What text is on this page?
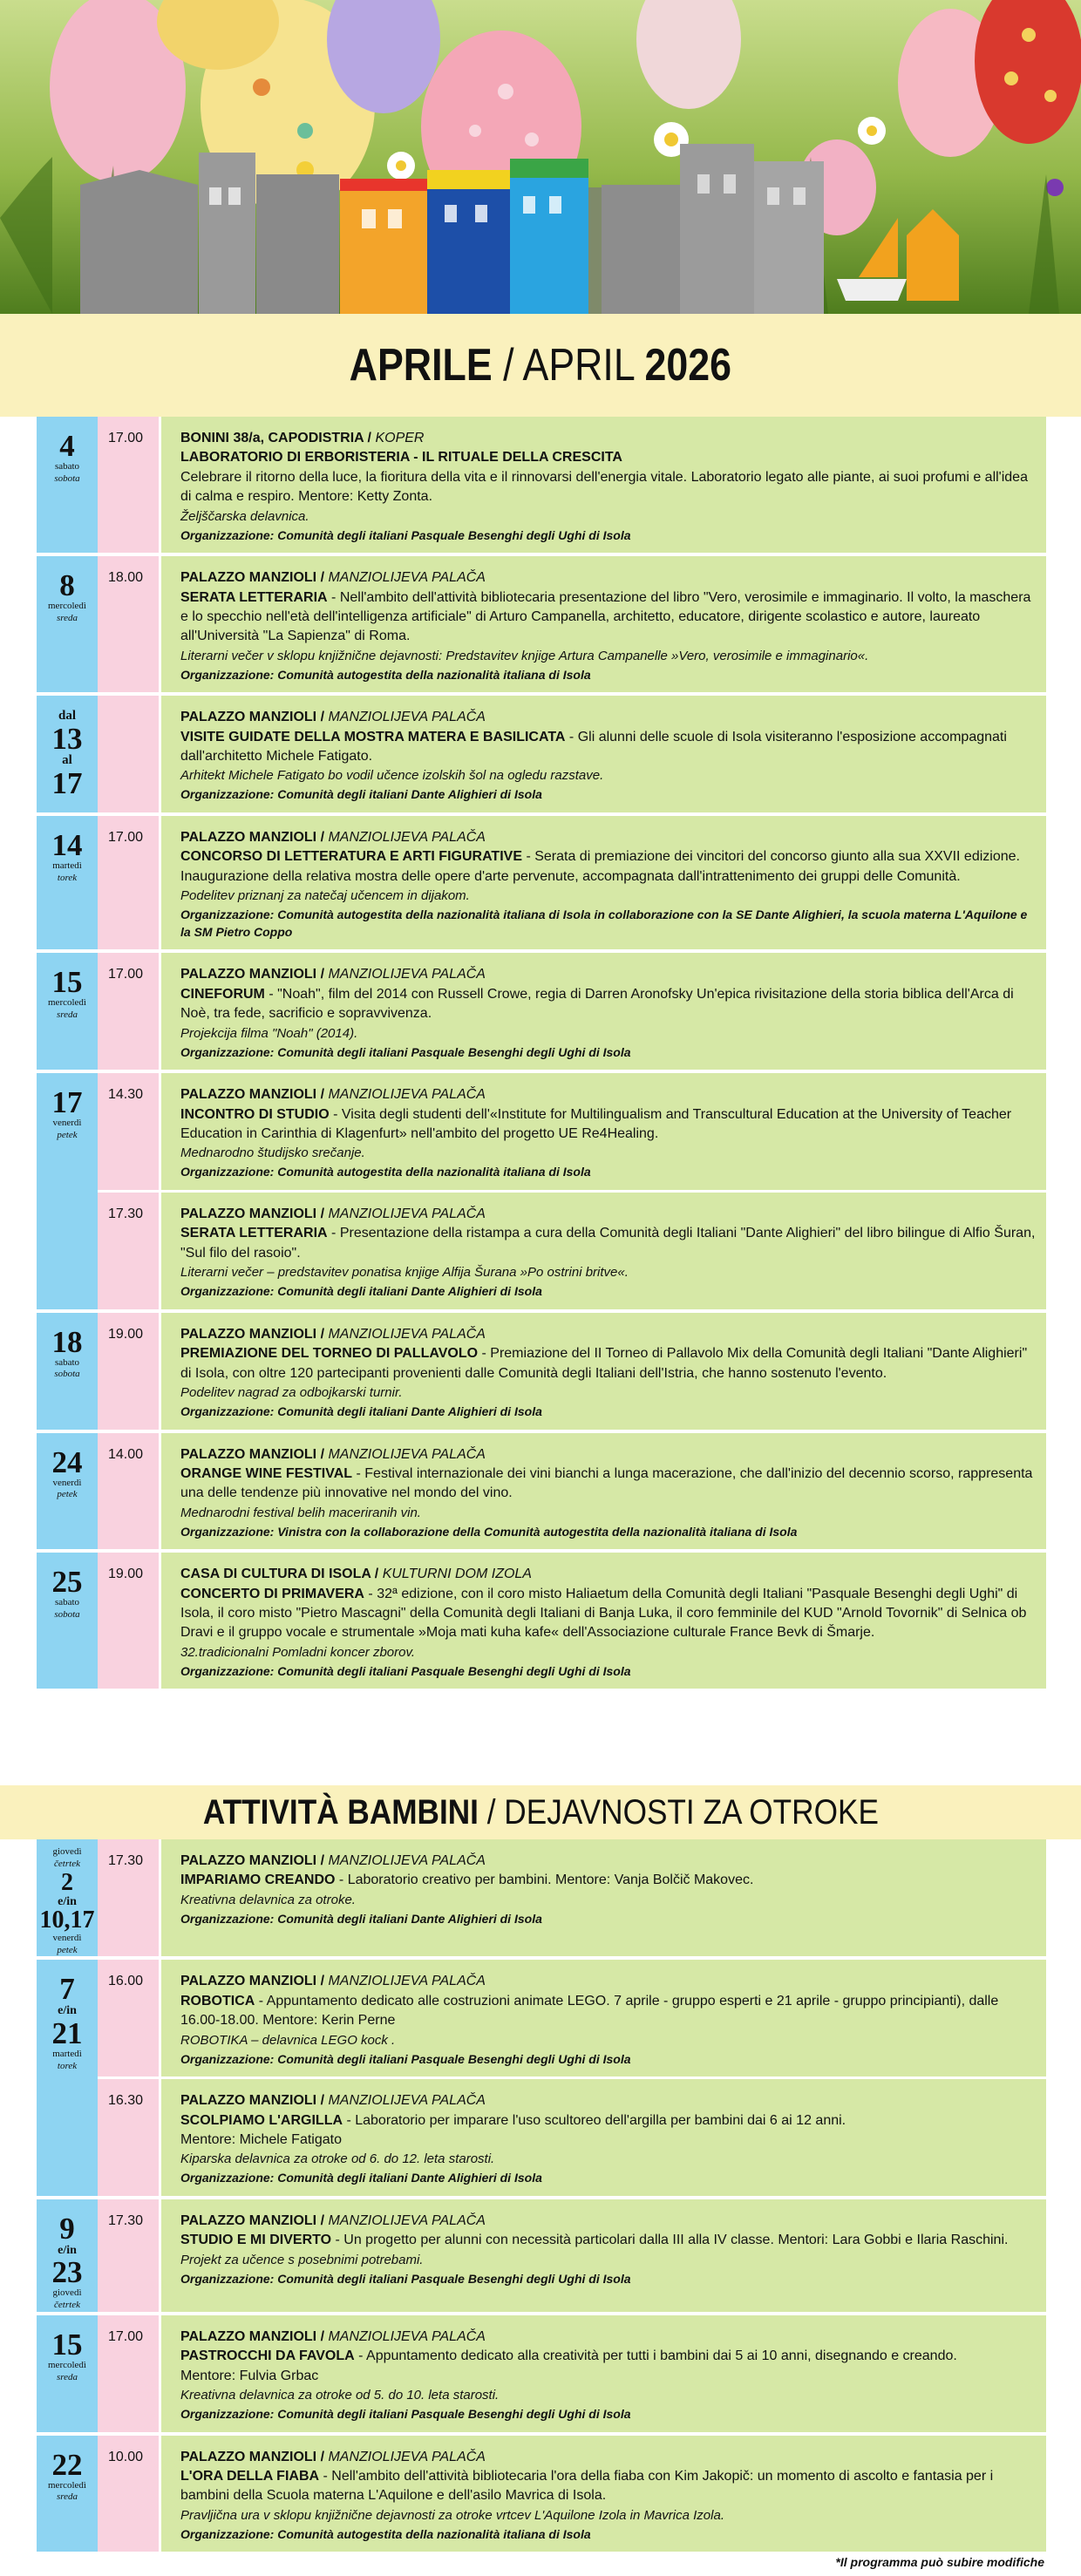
APRILE / APRIL 2026
4
sabato
sobota
17.00	BONINI 38/a, CAPODISTRIA / KOPER
LABORATORIO DI ERBORISTERIA - IL RITUALE DELLA CRESCITA
Celebrare il ritorno della luce, la fioritura della vita e il rinnovarsi dell'energia vitale. Laboratorio legato alle piante, ai suoi profumi e all'idea di calma e respiro. Mentore: Ketty Zonta.
Željščarska delavnica.
Organizzazione: Comunità degli italiani Pasquale Besenghi degli Ughi di Isola
8
mercoledì
sreda
18.00	PALAZZO MANZIOLI / MANZIOLIJEVA PALAČA
SERATA LETTERARIA - Nell'ambito dell'attività bibliotecaria presentazione del libro "Vero, verosimile e immaginario. Il volto, la maschera e lo specchio nell'età dell'intelligenza artificiale" di Arturo Campanella, architetto, educatore, dirigente scolastico e autore, laureato all'Università "La Sapienza" di Roma.
Literarni večer v sklopu knjižnične dejavnosti: Predstavitev knjige Artura Campanelle »Vero, verosimile e immaginario«.
Organizzazione: Comunità autogestita della nazionalità italiana di Isola
dal
13
al
17
PALAZZO MANZIOLI / MANZIOLIJEVA PALAČA
VISITE GUIDATE DELLA MOSTRA MATERA E BASILICATA - Gli alunni delle scuole di Isola visiteranno l'esposizione accompagnati dall'architetto Michele Fatigato.
Arhitekt Michele Fatigato bo vodil učence izolskih šol na ogledu razstave.
Organizzazione: Comunità degli italiani Dante Alighieri di Isola
14
martedì
torek
17.00	PALAZZO MANZIOLI / MANZIOLIJEVA PALAČA
CONCORSO DI LETTERATURA E ARTI FIGURATIVE - Serata di premiazione dei vincitori del concorso giunto alla sua XXVII edizione. Inaugurazione della relativa mostra delle opere d'arte pervenute, accompagnata dall'intrattenimento dei gruppi delle Comunità.
Podelitev priznanj za natečaj učencem in dijakom.
Organizzazione: Comunità autogestita della nazionalità italiana di Isola in collaborazione con la SE Dante Alighieri, la scuola materna L'Aquilone e la SM Pietro Coppo
15
mercoledì
sreda
17.00	PALAZZO MANZIOLI / MANZIOLIJEVA PALAČA
CINEFORUM - "Noah", film del 2014 con Russell Crowe, regia di Darren Aronofsky Un'epica rivisitazione della storia biblica dell'Arca di Noè, tra fede, sacrificio e sopravvivenza.
Projekcija filma "Noah" (2014).
Organizzazione: Comunità degli italiani Pasquale Besenghi degli Ughi di Isola
17
venerdì
petek
14.30	PALAZZO MANZIOLI / MANZIOLIJEVA PALAČA
INCONTRO DI STUDIO - Visita degli studenti dell'«Institute for Multilingualism and Transcultural Education at the University of Teacher Education in Carinthia di Klagenfurt» nell'ambito del progetto UE Re4Healing.
Mednarodno študijsko srečanje.
Organizzazione: Comunità autogestita della nazionalità italiana di Isola
17.30	PALAZZO MANZIOLI / MANZIOLIJEVA PALAČA
SERATA LETTERARIA - Presentazione della ristampa a cura della Comunità degli Italiani "Dante Alighieri" del libro bilingue di Alfio Šuran, "Sul filo del rasoio".
Literarni večer – predstavitev ponatisa knjige Alfija Šurana »Po ostrini britve«.
Organizzazione: Comunità degli italiani Dante Alighieri di Isola
18
sabato
sobota
19.00	PALAZZO MANZIOLI / MANZIOLIJEVA PALAČA
PREMIAZIONE DEL TORNEO DI PALLAVOLO - Premiazione del II Torneo di Pallavolo Mix della Comunità degli Italiani "Dante Alighieri" di Isola, con oltre 120 partecipanti provenienti dalle Comunità degli Italiani dell'Istria, che hanno sostenuto l'evento.
Podelitev nagrad za odbojkarski turnir.
Organizzazione: Comunità degli italiani Dante Alighieri di Isola
24
venerdì
petek
14.00	PALAZZO MANZIOLI / MANZIOLIJEVA PALAČA
ORANGE WINE FESTIVAL - Festival internazionale dei vini bianchi a lunga macerazione, che dall'inizio del decennio scorso, rappresenta una delle tendenze più innovative nel mondo del vino.
Mednarodni festival belih maceriranih vin.
Organizzazione: Vinistra con la collaborazione della Comunità autogestita della nazionalità italiana di Isola
25
sabato
sobota
19.00	CASA DI CULTURA DI ISOLA / KULTURNI DOM IZOLA
CONCERTO DI PRIMAVERA - 32ª edizione, con il coro misto Haliaetum della Comunità degli Italiani "Pasquale Besenghi degli Ughi" di Isola, il coro misto "Pietro Mascagni" della Comunità degli Italiani di Banja Luka, il coro femminile del KUD "Arnold Tovornik" di Selnica ob Dravi e il gruppo vocale e strumentale »Moja mati kuha kafe« dell'Associazione culturale France Bevk di Šmarje.
32.tradicionalni Pomladni koncer zborov.
Organizzazione: Comunità degli italiani Pasquale Besenghi degli Ughi di Isola
ATTIVITÀ BAMBINI / DEJAVNOSTI ZA OTROKE
giovedì
četrtek
2
e/in
10,17
venerdì
petek
17.30	PALAZZO MANZIOLI / MANZIOLIJEVA PALAČA
IMPARIAMO CREANDO - Laboratorio creativo per bambini. Mentore: Vanja Bolčič Makovec.
Kreativna delavnica za otroke.
Organizzazione: Comunità degli italiani Dante Alighieri di Isola
7
e/in
21
martedì
torek
16.00	PALAZZO MANZIOLI / MANZIOLIJEVA PALAČA
ROBOTICA - Appuntamento dedicato alle costruzioni animate LEGO. 7 aprile - gruppo esperti e 21 aprile - gruppo principianti), dalle 16.00-18.00. Mentore: Kerin Perne
ROBOTIKA – delavnica LEGO kock .
Organizzazione: Comunità degli italiani Pasquale Besenghi degli Ughi di Isola
16.30	PALAZZO MANZIOLI / MANZIOLIJEVA PALAČA
SCOLPIAMO L'ARGILLA - Laboratorio per imparare l'uso scultoreo dell'argilla per bambini dai 6 ai 12 anni.
Mentore: Michele Fatigato
Kiparska delavnica za otroke od 6. do 12. leta starosti.
Organizzazione: Comunità degli italiani Dante Alighieri di Isola
9
e/in
23
giovedì
četrtek
17.30	PALAZZO MANZIOLI / MANZIOLIJEVA PALAČA
STUDIO E MI DIVERTO - Un progetto per alunni con necessità particolari dalla III alla IV classe. Mentori: Lara Gobbi e Ilaria Raschini.
Projekt za učence s posebnimi potrebami.
Organizzazione: Comunità degli italiani Pasquale Besenghi degli Ughi di Isola
15
mercoledì
sreda
17.00	PALAZZO MANZIOLI / MANZIOLIJEVA PALAČA
PASTROCCHI DA FAVOLA - Appuntamento dedicato alla creatività per tutti i bambini dai 5 ai 10 anni, disegnando e creando.
Mentore: Fulvia Grbac
Kreativna delavnica za otroke od 5. do 10. leta starosti.
Organizzazione: Comunità degli italiani Pasquale Besenghi degli Ughi di Isola
22
mercoledì
sreda
10.00	PALAZZO MANZIOLI / MANZIOLIJEVA PALAČA
L'ORA DELLA FIABA - Nell'ambito dell'attività bibliotecaria l'ora della fiaba con Kim Jakopič: un momento di ascolto e fantasia per i bambini della Scuola materna L'Aquilone e dell'asilo Mavrica di Isola.
Pravljična ura v sklopu knjižnične dejavnosti za otroke vrtcev L'Aquilone Izola in Mavrica Izola.
Organizzazione: Comunità autogestita della nazionalità italiana di Isola
*Il programma può subire modifiche
